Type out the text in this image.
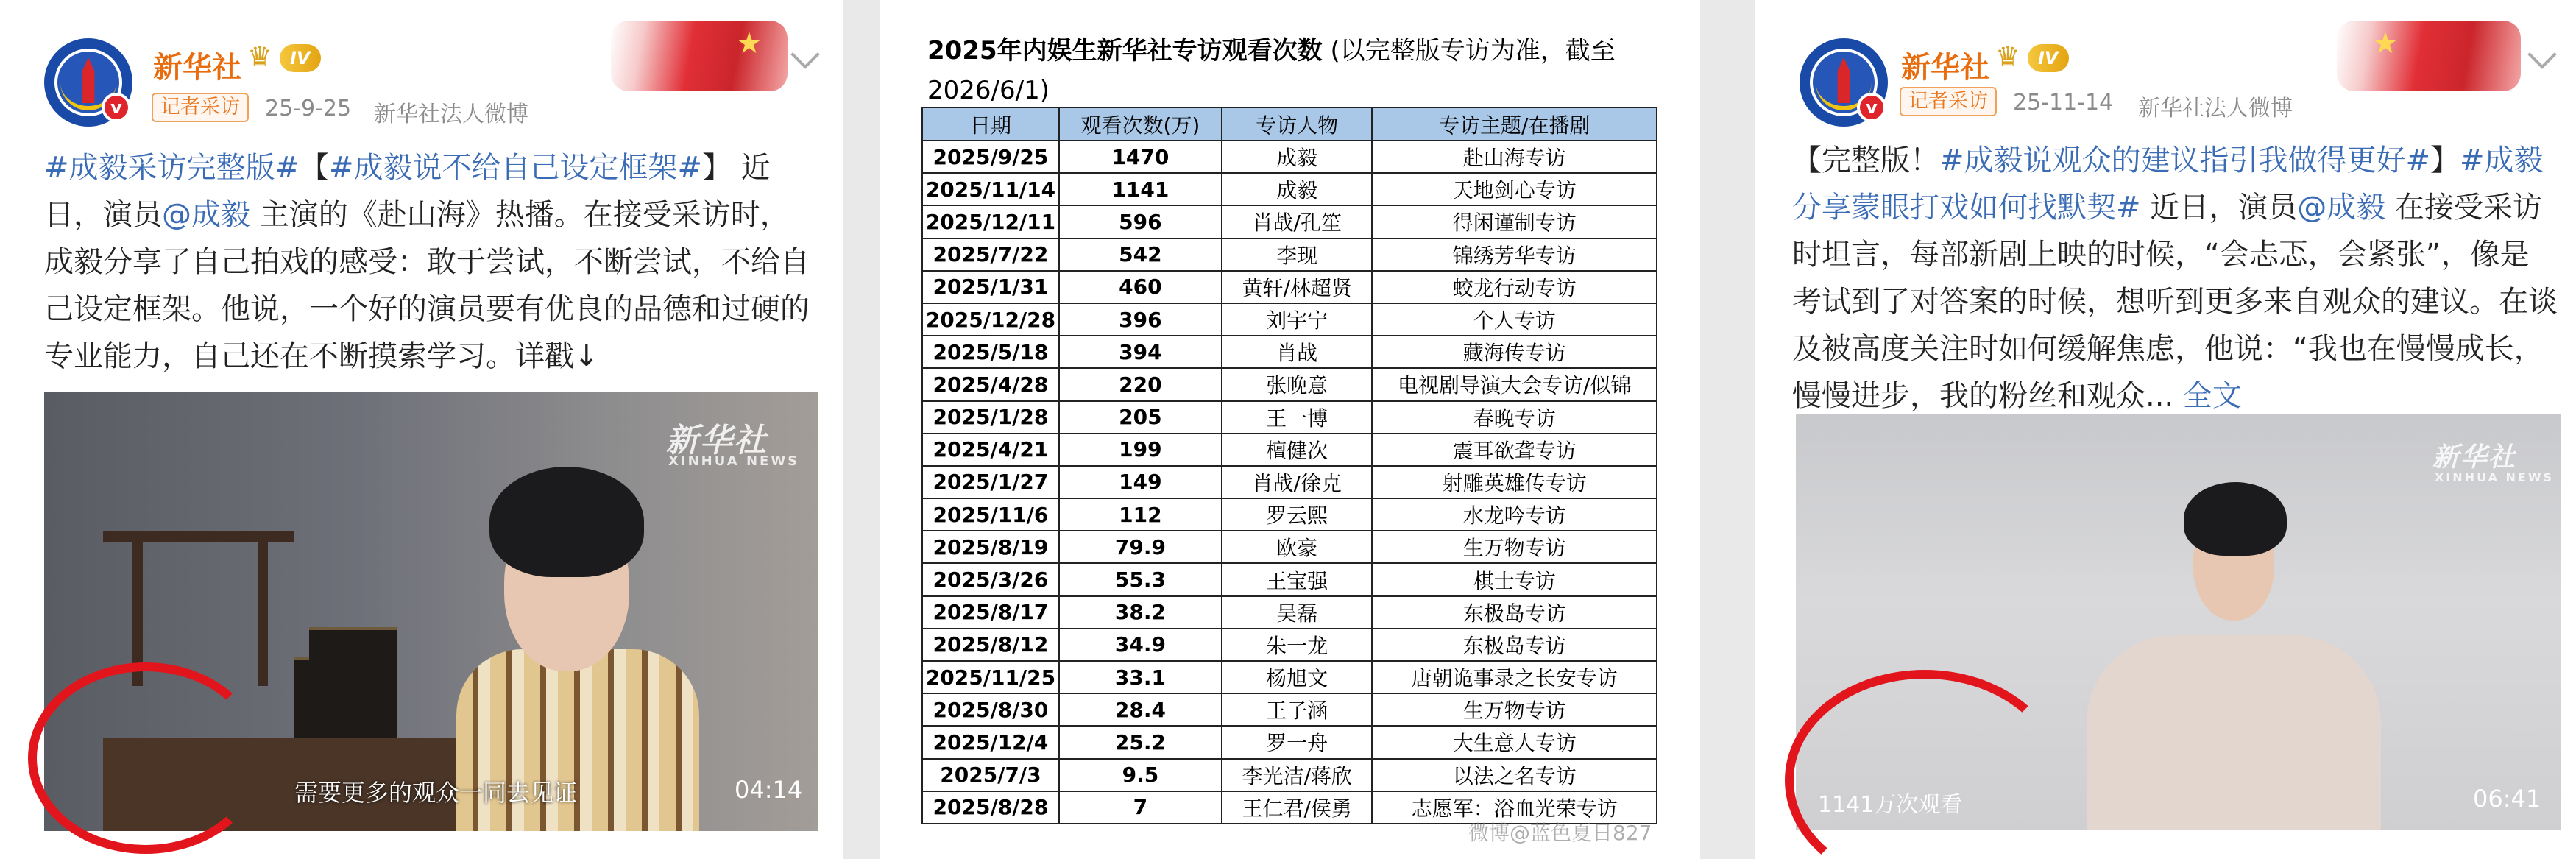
v
新华社 ♛ IV
记者采访	25-9-25 新华社法人微博
★
#成毅采访完整版#【#成毅说不给自己设定框架#】 近日，演员@成毅 主演的《赴山海》热播。在接受采访时，成毅分享了自己拍戏的感受：敢于尝试，不断尝试，不给自己设定框架。他说，一个好的演员要有优良的品德和过硬的专业能力，自己还在不断摸索学习。详戳↓
新华社
XINHUA NEWS
需要更多的观众一同去见证	04:14
2025年内娱生新华社专访观看次数 (以完整版专访为准，截至2026/6/1)
日期	观看次数(万)	专访人物	专访主题/在播剧
2025/9/25	1470	成毅	赴山海专访
2025/11/14	1141	成毅	天地剑心专访
2025/12/11	596	肖战/孔笙	得闲谨制专访
2025/7/22	542	李现	锦绣芳华专访
2025/1/31	460	黄轩/林超贤	蛟龙行动专访
2025/12/28	396	刘宇宁	个人专访
2025/5/18	394	肖战	藏海传专访
2025/4/28	220	张晚意	电视剧导演大会专访/似锦
2025/1/28	205	王一博	春晚专访
2025/4/21	199	檀健次	震耳欲聋专访
2025/1/27	149	肖战/徐克	射雕英雄传专访
2025/11/6	112	罗云熙	水龙吟专访
2025/8/19	79.9	欧豪	生万物专访
2025/3/26	55.3	王宝强	棋士专访
2025/8/17	38.2	吴磊	东极岛专访
2025/8/12	34.9	朱一龙	东极岛专访
2025/11/25	33.1	杨旭文	唐朝诡事录之长安专访
2025/8/30	28.4	王子涵	生万物专访
2025/12/4	25.2	罗一舟	大生意人专访
2025/7/3	9.5	李光洁/蒋欣	以法之名专访
2025/8/28	7	王仁君/侯勇	志愿军：浴血光荣专访
微博@蓝色夏日827
v
新华社 ♛ IV
记者采访	25-11-14 新华社法人微博
★
【完整版！#成毅说观众的建议指引我做得更好#】#成毅分享蒙眼打戏如何找默契# 近日，演员@成毅 在接受采访时坦言，每部新剧上映的时候，“会忐忑，会紧张”，像是考试到了对答案的时候，想听到更多来自观众的建议。在谈及被高度关注时如何缓解焦虑，他说：“我也在慢慢成长，慢慢进步，我的粉丝和观众... 全文
新华社
XINHUA NEWS
1141万次观看	06:41
